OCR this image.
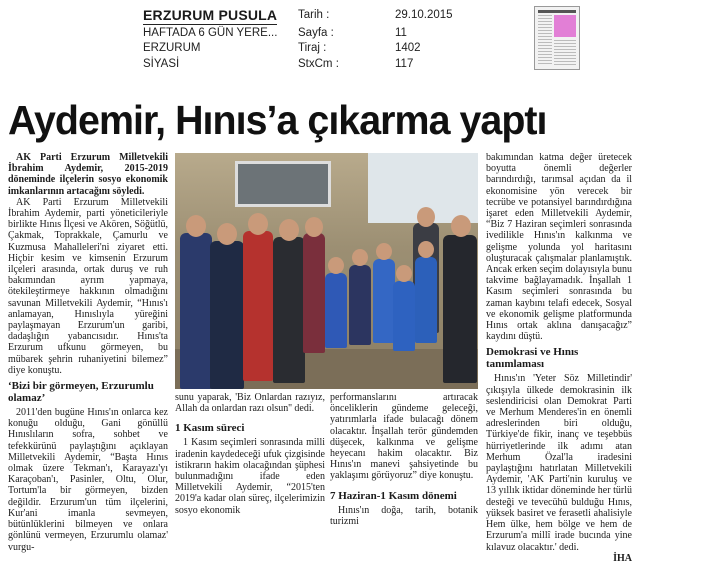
ERZURUM PUSULA
HAFTADA 6 GÜN YERE...
ERZURUM
SİYASİ
Tarih :
Sayfa :
Tiraj :
StxCm :
29.10.2015
11
1402
117
Aydemir, Hınıs’a çıkarma yaptı

AK Parti Erzurum Milletvekili İbrahim Aydemir, 2015-2019 döneminde ilçelerin sosyo ekonomik imkanlarının artacağını söyledi.

AK Parti Erzurum Milletvekili İbrahim Aydemir, parti yöneticileriyle birlikte Hınıs İlçesi ve Akören, Söğütlü, Çakmak, Toprakkale, Çamurlu ve Kuzmusa Mahalleleri'ni ziyaret etti. Hiçbir kesim ve kimsenin Erzurum ilçeleri arasında, ortak duruş ve ruh bakımından ayrım yapmaya, ötekileştirmeye hakkının olmadığını savunan Milletvekili Aydemir, “Hınıs'ı anlamayan, Hınıslıyla yüreğini paylaşmayan Erzurum'un garibi, dadaşlığın yabancısıdır. Hınıs'ta Erzurum ufkunu görmeyen, bu mübarek şehrin ruhaniyetini bilemez” diye konuştu.

‘Bizi bir görmeyen, Erzurumlu olamaz’

2011'den bugüne Hınıs'ın onlarca kez konuğu olduğu, Gani gönüllü Hınıslıların sofra, sohbet ve tefekkürünü paylaştığını açıklayan Milletvekili Aydemir, “Başta Hınıs olmak üzere Tekman'ı, Karayazı'yı Karaçoban'ı, Pasinler, Oltu, Olur, Tortum'la bir görmeyen, bizden değildir. Erzurum'un tüm ilçelerini, Kur'ani imanla sevmeyen, bütünlüklerini bilmeyen ve onlara gönlünü vermeyen, Erzurumlu olamaz' vurgu-

sunu yaparak, 'Biz Onlardan razıyız, Allah da onlardan razı olsun'' dedi.

1 Kasım süreci

1 Kasım seçimleri sonrasında milli iradenin kaydedeceği ufuk çizgisinde istikrarın hakim olacağından şüphesi bulunmadığını ifade eden Milletvekili Aydemir, “2015'ten 2019'a kadar olan süreç, ilçelerimizin sosyo ekonomik

performanslarını artıracak önceliklerin gündeme geleceği, yatırımlarla ifade bulacağı dönem olacaktır. İnşallah terör gündemden düşecek, kalkınma ve gelişme heyecanı hakim olacaktır. Biz Hınıs'ın manevi şahsiyetinde bu yaklaşımı görüyoruz” diye konuştu.

7 Haziran-1 Kasım dönemi

Hınıs'ın doğa, tarih, botanik turizmi

bakımından katma değer üretecek boyutta önemli değerler barındırdığı, tarımsal açıdan da il ekonomisine yön verecek bir tecrübe ve potansiyel barındırdığına işaret eden Milletvekili Aydemir, “Biz 7 Haziran seçimleri sonrasında ivedilikle Hınıs'ın kalkınma ve gelişme yolunda yol haritasını oluşturacak çalışmalar planlamıştık. Ancak erken seçim dolayısıyla bunu takvime bağlayamadık. İnşallah 1 Kasım seçimleri sonrasında bu zaman kaybını telafi edecek, Sosyal ve ekonomik gelişme platformunda Hınıs ortak aklına danışacağız” kaydını düştü.

Demokrasi ve Hınıs tanımlaması

Hınıs'ın 'Yeter Söz Milletindir' çıkışıyla ülkede demokrasinin ilk seslendiricisi olan Demokrat Parti ve Merhum Menderes'in en önemli adreslerinden biri olduğu, Türkiye'de fikir, inanç ve teşebbüs hürriyetlerinde ilk adımı atan Merhum Özal'la iradesini paylaştığını hatırlatan Milletvekili Aydemir, 'AK Parti'nin kuruluş ve 13 yıllık iktidar döneminde her türlü desteği ve tevecühü bulduğu Hınıs, yüksek basiret ve ferasetli ahalisiyle Hem ülke, hem bölge ve hem de Erzurum'a millî irade bucında yine kılavuz olacaktır.' dedi.

İHA
